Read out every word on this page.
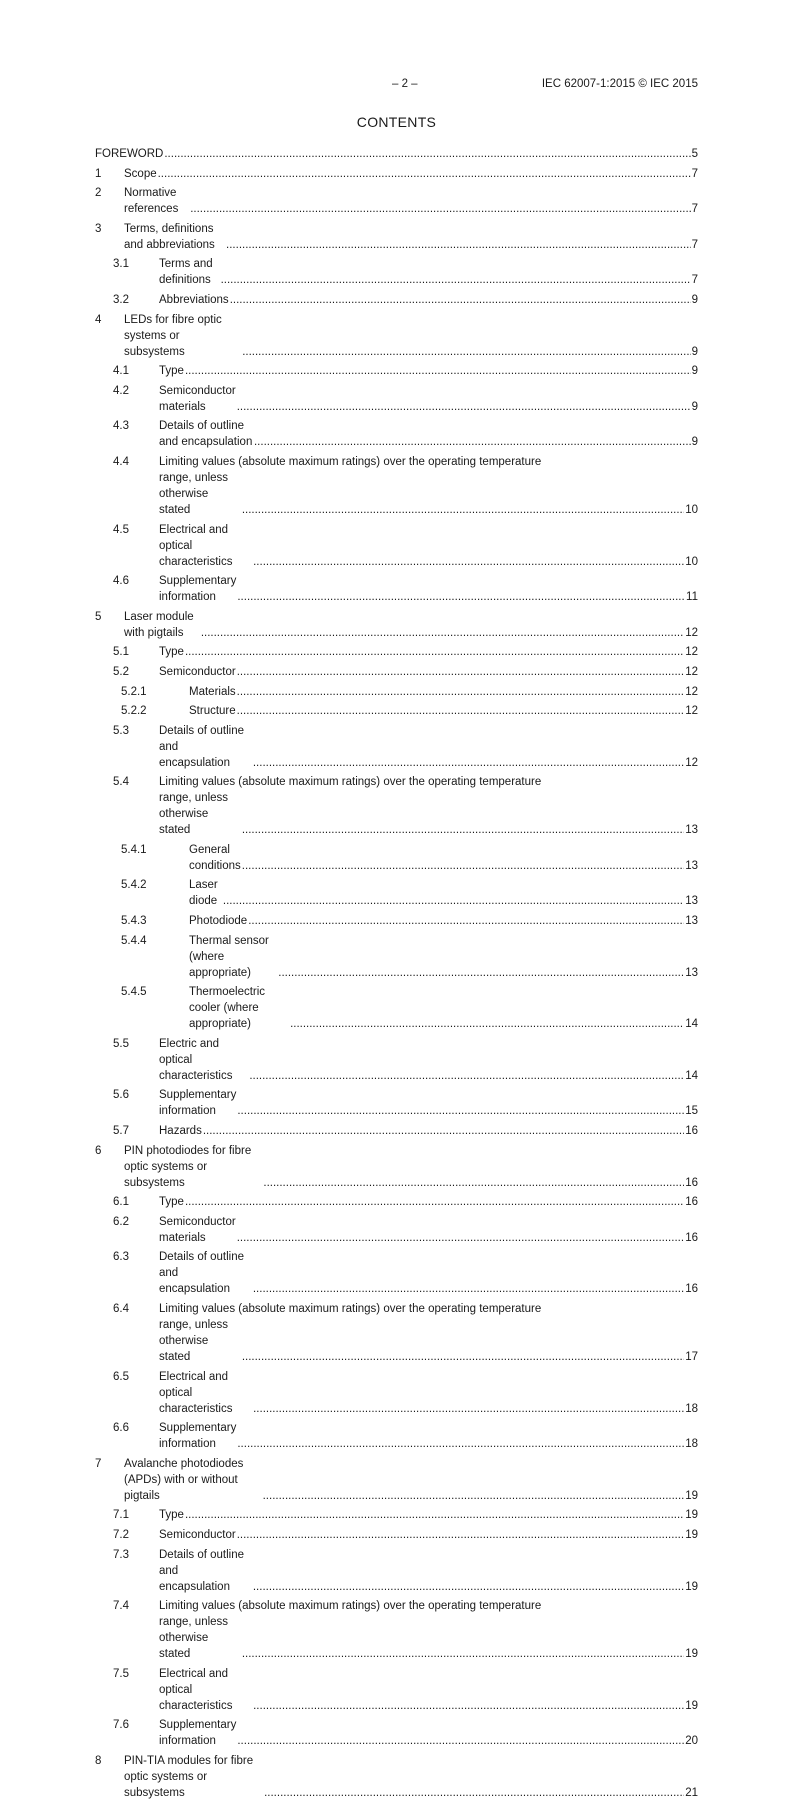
– 2 –	IEC 62007-1:2015 © IEC 2015
CONTENTS
FOREWORD .....	5
1 Scope .....	7
2 Normative references .....	7
3 Terms, definitions and abbreviations .....	7
3.1	Terms and definitions .....	7
3.2	Abbreviations .....	9
4 LEDs for fibre optic systems or subsystems .....	9
4.1	Type .....	9
4.2	Semiconductor materials .....	9
4.3	Details of outline and encapsulation .....	9
4.4	Limiting values (absolute maximum ratings) over the operating temperature
range, unless otherwise stated .....	10
4.5	Electrical and optical characteristics .....	10
4.6	Supplementary information .....	11
5 Laser module with pigtails .....	12
5.1	Type .....	12
5.2	Semiconductor .....	12
5.2.1	Materials .....	12
5.2.2	Structure .....	12
5.3	Details of outline and encapsulation .....	12
5.4	Limiting values (absolute maximum ratings) over the operating temperature
range, unless otherwise stated .....	13
5.4.1	General conditions .....	13
5.4.2	Laser diode .....	13
5.4.3	Photodiode .....	13
5.4.4	Thermal sensor (where appropriate) .....	13
5.4.5	Thermoelectric cooler (where appropriate) .....	14
5.5	Electric and optical characteristics .....	14
5.6	Supplementary information .....	15
5.7	Hazards .....	16
6 PIN photodiodes for fibre optic systems or subsystems .....	16
6.1	Type .....	16
6.2	Semiconductor materials .....	16
6.3	Details of outline and encapsulation .....	16
6.4	Limiting values (absolute maximum ratings) over the operating temperature
range, unless otherwise stated .....	17
6.5	Electrical and optical characteristics .....	18
6.6	Supplementary information .....	18
7 Avalanche photodiodes (APDs) with or without pigtails .....	19
7.1	Type .....	19
7.2	Semiconductor .....	19
7.3	Details of outline and encapsulation .....	19
7.4	Limiting values (absolute maximum ratings) over the operating temperature
range, unless otherwise stated .....	19
7.5	Electrical and optical characteristics .....	19
7.6	Supplementary information .....	20
8 PIN-TIA modules for fibre optic systems or subsystems .....	21
